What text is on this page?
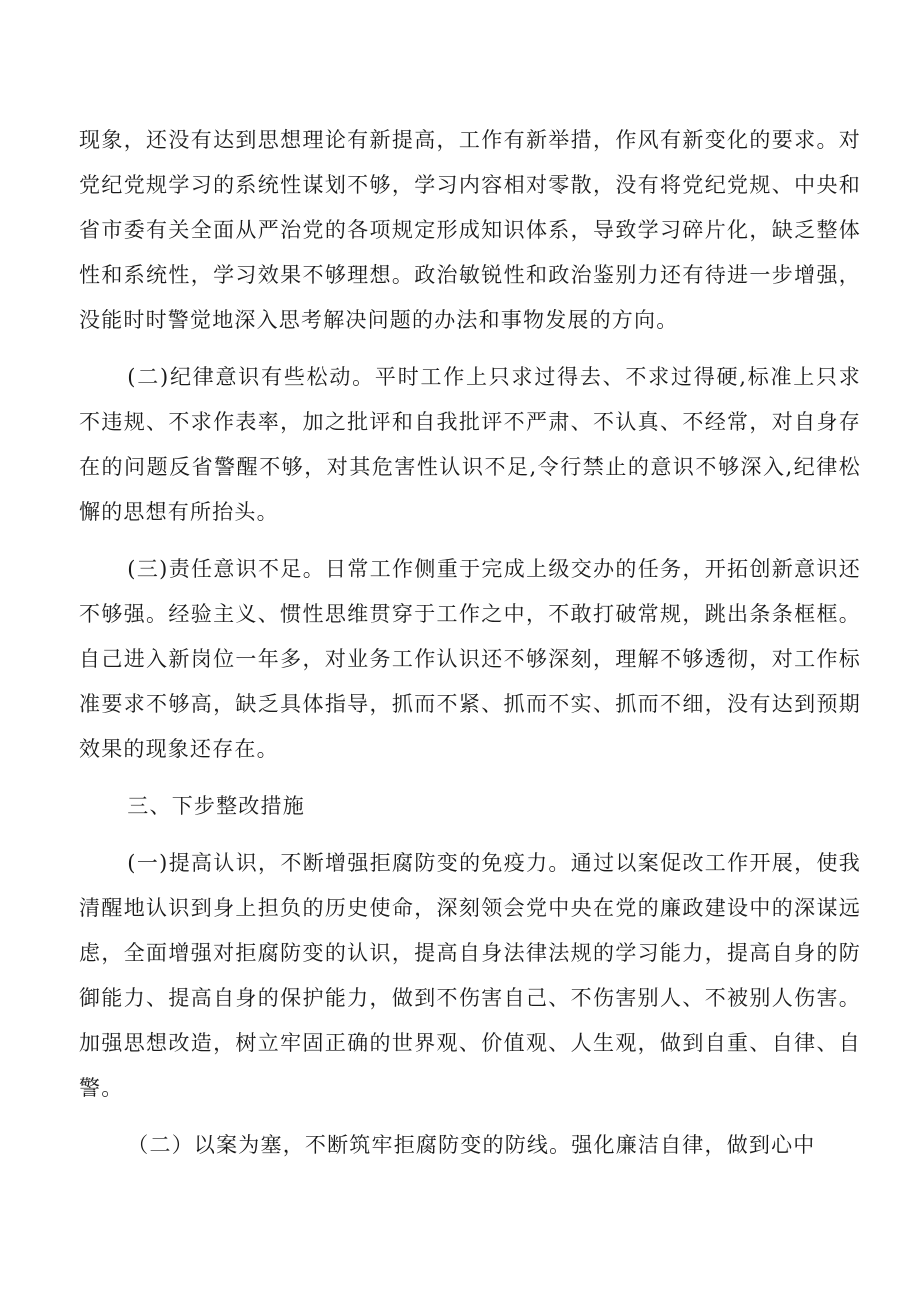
现象，还没有达到思想理论有新提高，工作有新举措，作风有新变化的要求。对党纪党规学习的系统性谋划不够，学习内容相对零散，没有将党纪党规、中央和省市委有关全面从严治党的各项规定形成知识体系，导致学习碎片化，缺乏整体性和系统性，学习效果不够理想。政治敏锐性和政治鉴别力还有待进一步增强，没能时时警觉地深入思考解决问题的办法和事物发展的方向。

(二)纪律意识有些松动。平时工作上只求过得去、不求过得硬,标准上只求不违规、不求作表率，加之批评和自我批评不严肃、不认真、不经常，对自身存在的问题反省警醒不够，对其危害性认识不足,令行禁止的意识不够深入,纪律松懈的思想有所抬头。

(三)责任意识不足。日常工作侧重于完成上级交办的任务，开拓创新意识还不够强。经验主义、惯性思维贯穿于工作之中，不敢打破常规，跳出条条框框。自己进入新岗位一年多，对业务工作认识还不够深刻，理解不够透彻，对工作标准要求不够高，缺乏具体指导，抓而不紧、抓而不实、抓而不细，没有达到预期效果的现象还存在。

三、下步整改措施

(一)提高认识，不断增强拒腐防变的免疫力。通过以案促改工作开展，使我清醒地认识到身上担负的历史使命，深刻领会党中央在党的廉政建设中的深谋远虑，全面增强对拒腐防变的认识，提高自身法律法规的学习能力，提高自身的防御能力、提高自身的保护能力，做到不伤害自己、不伤害别人、不被别人伤害。加强思想改造，树立牢固正确的世界观、价值观、人生观，做到自重、自律、自警。

（二）以案为塞，不断筑牢拒腐防变的防线。强化廉洁自律，做到心中
